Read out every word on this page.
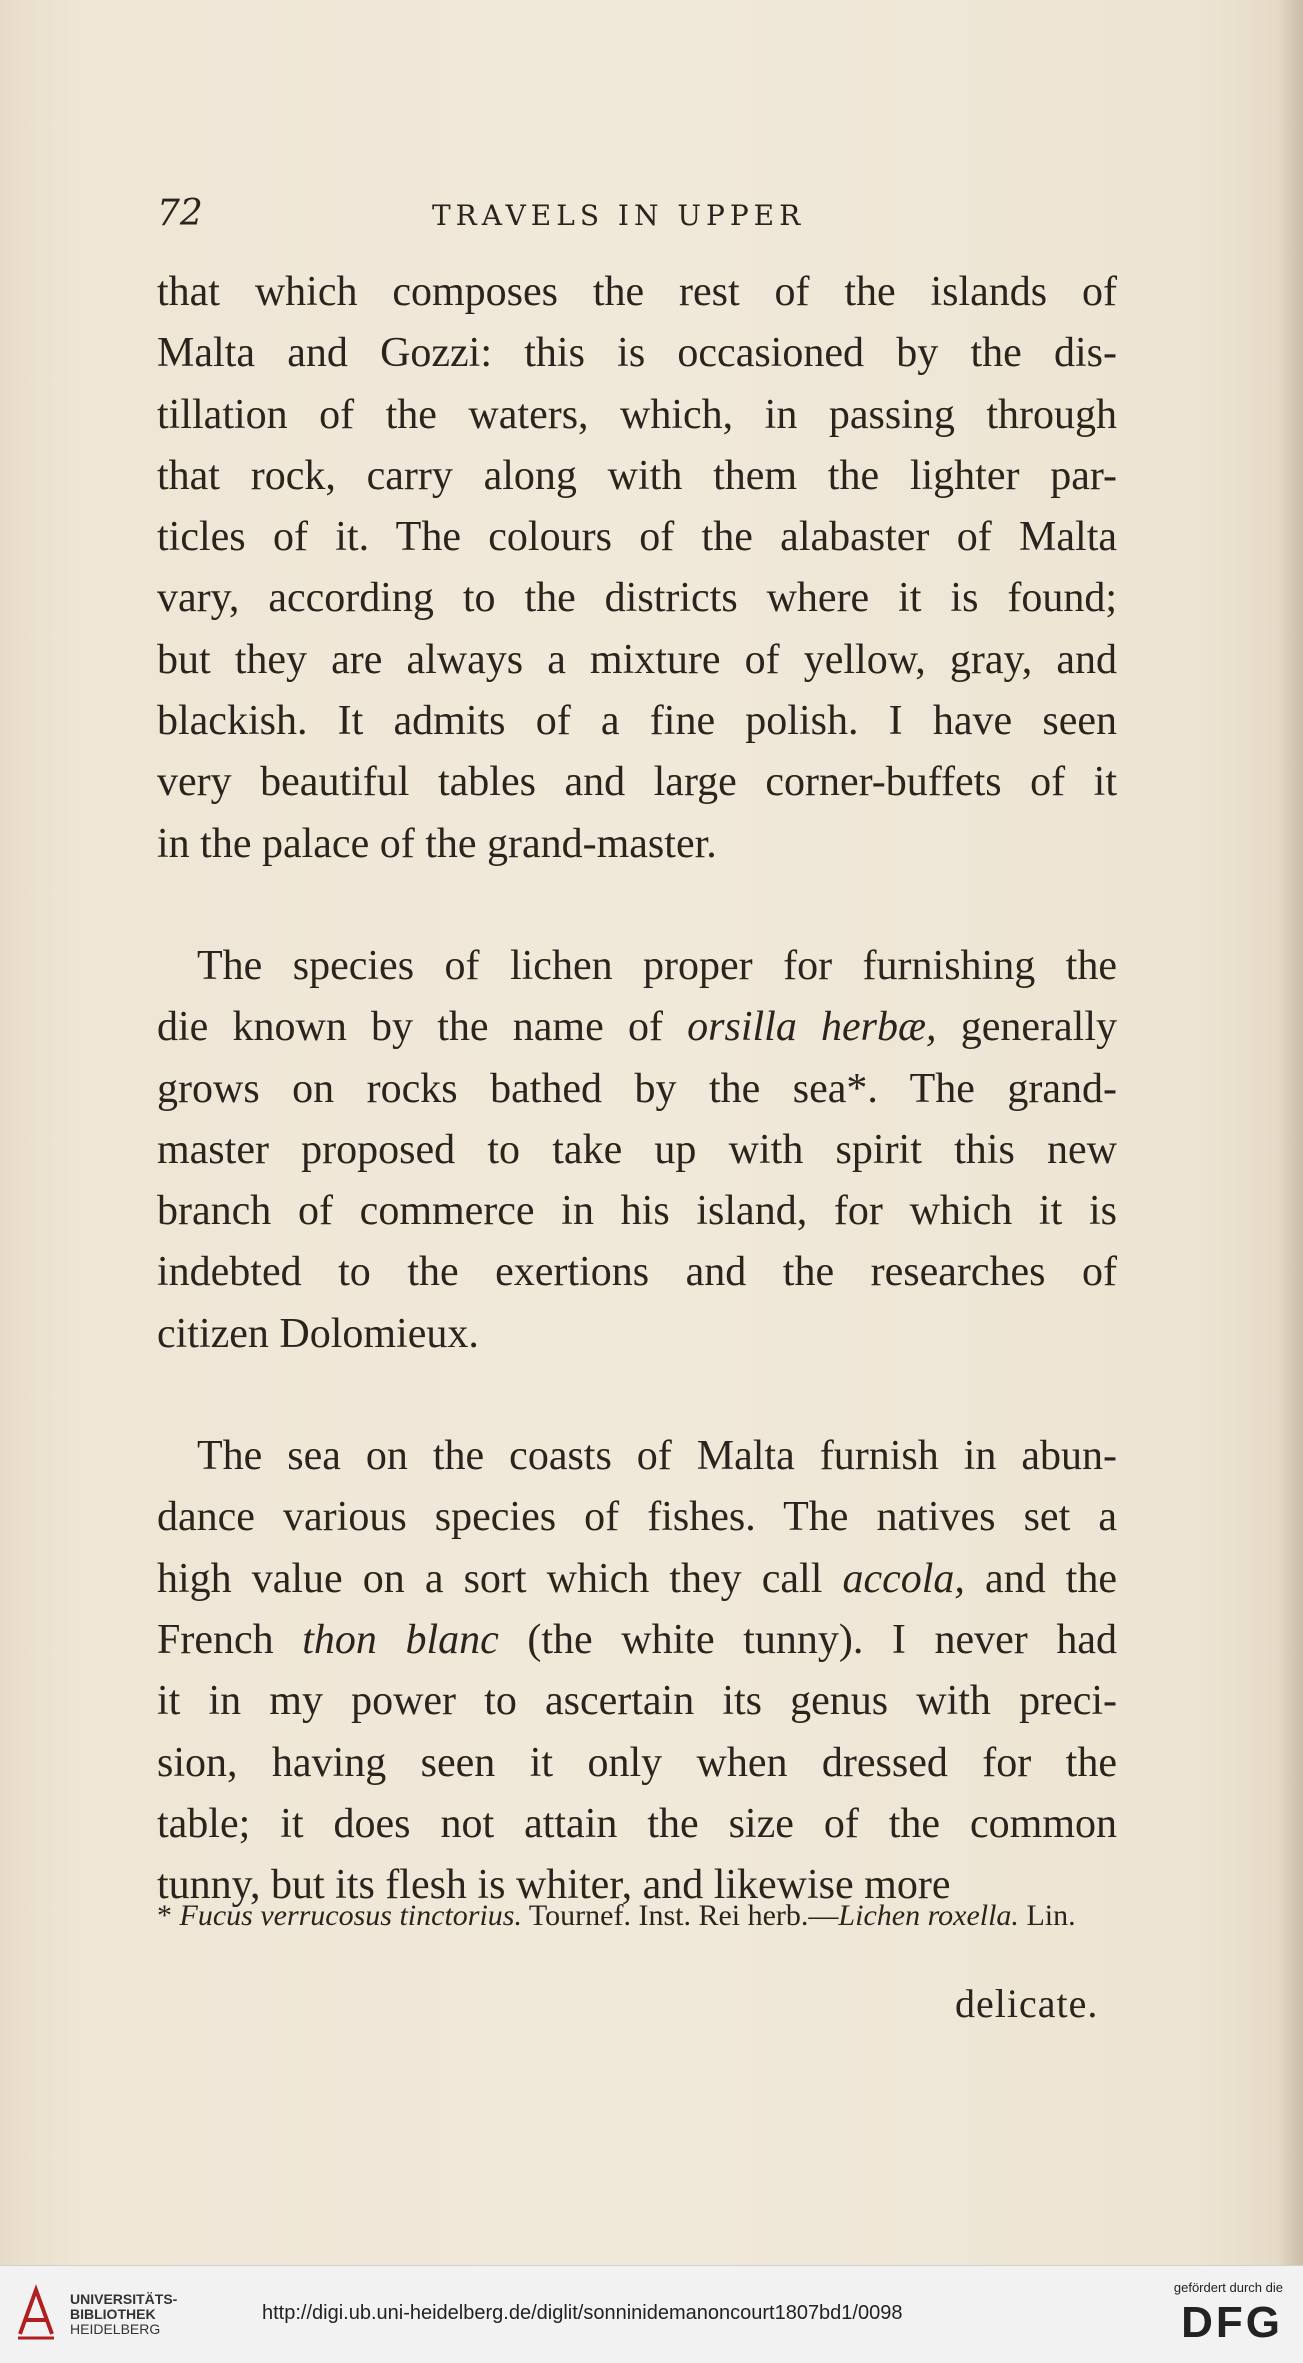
72	TRAVELS IN UPPER
that which composes the rest of the islands of
Malta and Gozzi: this is occasioned by the dis-
tillation of the waters, which, in passing through
that rock, carry along with them the lighter par-
ticles of it. The colours of the alabaster of Malta
vary, according to the districts where it is found;
but they are always a mixture of yellow, gray, and
blackish. It admits of a fine polish. I have seen
very beautiful tables and large corner-buffets of it
in the palace of the grand-master.
The species of lichen proper for furnishing the
die known by the name of orsilla herbæ, generally
grows on rocks bathed by the sea*. The grand-
master proposed to take up with spirit this new
branch of commerce in his island, for which it is
indebted to the exertions and the researches of
citizen Dolomieux.
The sea on the coasts of Malta furnish in abun-
dance various species of fishes. The natives set a
high value on a sort which they call accola, and the
French thon blanc (the white tunny). I never had
it in my power to ascertain its genus with preci-
sion, having seen it only when dressed for the
table; it does not attain the size of the common
tunny, but its flesh is whiter, and likewise more
* Fucus verrucosus tinctorius. Tournef. Inst. Rei herb.—Lichen roxella. Lin.
delicate.
UNIVERSITÄTS-
BIBLIOTHEK
HEIDELBERG
http://digi.ub.uni-heidelberg.de/diglit/sonninidemanoncourt1807bd1/0098
gefördert durch die
DFG
